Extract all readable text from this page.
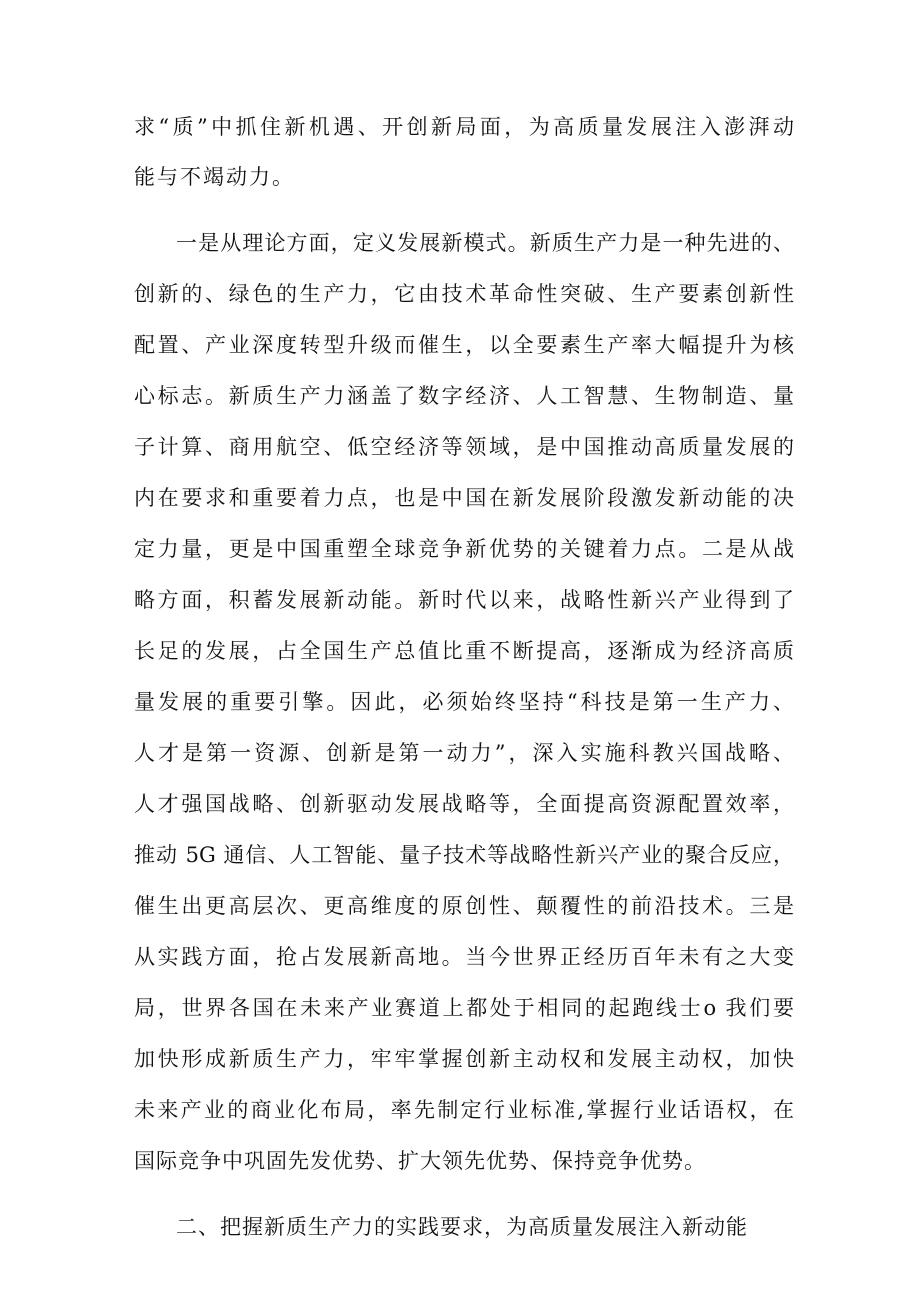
求“质”中抓住新机遇、开创新局面，为高质量发展注入澎湃动
能与不竭动力。
一是从理论方面，定义发展新模式。新质生产力是一种先进的、
创新的、绿色的生产力，它由技术革命性突破、生产要素创新性
配置、产业深度转型升级而催生，以全要素生产率大幅提升为核
心标志。新质生产力涵盖了数字经济、人工智慧、生物制造、量
子计算、商用航空、低空经济等领域，是中国推动高质量发展的
内在要求和重要着力点，也是中国在新发展阶段激发新动能的决
定力量，更是中国重塑全球竞争新优势的关键着力点。二是从战
略方面，积蓄发展新动能。新时代以来，战略性新兴产业得到了
长足的发展，占全国生产总值比重不断提高，逐渐成为经济高质
量发展的重要引擎。因此，必须始终坚持“科技是第一生产力、
人才是第一资源、创新是第一动力”，深入实施科教兴国战略、
人才强国战略、创新驱动发展战略等，全面提高资源配置效率，
推动 5G 通信、人工智能、量子技术等战略性新兴产业的聚合反应，
催生出更高层次、更高维度的原创性、颠覆性的前沿技术。三是
从实践方面，抢占发展新高地。当今世界正经历百年未有之大变
局，世界各国在未来产业赛道上都处于相同的起跑线士o 我们要
加快形成新质生产力，牢牢掌握创新主动权和发展主动权，加快
未来产业的商业化布局，率先制定行业标准,掌握行业话语权，在
国际竞争中巩固先发优势、扩大领先优势、保持竞争优势。
二、把握新质生产力的实践要求，为高质量发展注入新动能
